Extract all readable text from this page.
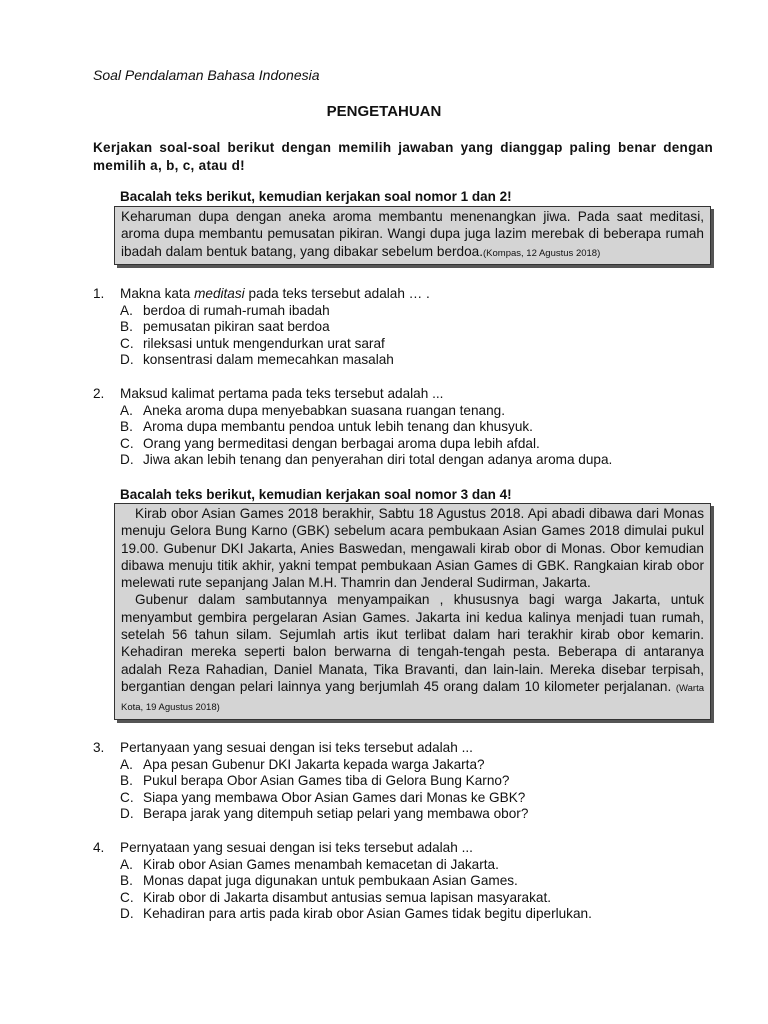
Soal Pendalaman Bahasa Indonesia
PENGETAHUAN
Kerjakan soal-soal berikut dengan memilih jawaban yang dianggap paling benar dengan memilih a, b, c, atau d!
Bacalah teks berikut, kemudian kerjakan soal nomor 1 dan 2!

Keharuman dupa dengan aneka aroma membantu menenangkan jiwa. Pada saat meditasi, aroma dupa membantu pemusatan pikiran. Wangi dupa juga lazim merebak di beberapa rumah ibadah dalam bentuk batang, yang dibakar sebelum berdoa.(Kompas, 12 Agustus 2018)

1.	Makna kata meditasi pada teks tersebut adalah … .
A. berdoa di rumah-rumah ibadah
B. pemusatan pikiran saat berdoa
C. rileksasi untuk mengendurkan urat saraf
D. konsentrasi dalam memecahkan masalah
2.	Maksud kalimat pertama pada teks tersebut adalah ...
A. Aneka aroma dupa menyebabkan suasana ruangan tenang.
B. Aroma dupa membantu pendoa untuk lebih tenang dan khusyuk.
C. Orang yang bermeditasi dengan berbagai aroma dupa lebih afdal.
D. Jiwa akan lebih tenang dan penyerahan diri total dengan adanya aroma dupa.
Bacalah teks berikut, kemudian kerjakan soal nomor 3 dan 4!

Kirab obor Asian Games 2018 berakhir, Sabtu 18 Agustus 2018. Api abadi dibawa dari Monas menuju Gelora Bung Karno (GBK) sebelum acara pembukaan Asian Games 2018 dimulai pukul 19.00. Gubenur DKI Jakarta, Anies Baswedan, mengawali kirab obor di Monas. Obor kemudian dibawa menuju titik akhir, yakni tempat pembukaan Asian Games di GBK. Rangkaian kirab obor melewati rute sepanjang Jalan M.H. Thamrin dan Jenderal Sudirman, Jakarta.

Gubenur dalam sambutannya menyampaikan , khususnya bagi warga Jakarta, untuk menyambut gembira pergelaran Asian Games. Jakarta ini kedua kalinya menjadi tuan rumah, setelah 56 tahun silam. Sejumlah artis ikut terlibat dalam hari terakhir kirab obor kemarin. Kehadiran mereka seperti balon berwarna di tengah-tengah pesta. Beberapa di antaranya adalah Reza Rahadian, Daniel Manata, Tika Bravanti, dan lain-lain. Mereka disebar terpisah, bergantian dengan pelari lainnya yang berjumlah 45 orang dalam 10 kilometer perjalanan. (Warta Kota, 19 Agustus 2018)

3.	Pertanyaan yang sesuai dengan isi teks tersebut adalah ...
A. Apa pesan Gubenur DKI Jakarta kepada warga Jakarta?
B. Pukul berapa Obor Asian Games tiba di Gelora Bung Karno?
C. Siapa yang membawa Obor Asian Games dari Monas ke GBK?
D. Berapa jarak yang ditempuh setiap pelari yang membawa obor?
4.	Pernyataan yang sesuai dengan isi teks tersebut adalah ...
A. Kirab obor Asian Games menambah kemacetan di Jakarta.
B. Monas dapat juga digunakan untuk pembukaan Asian Games.
C. Kirab obor di Jakarta disambut antusias semua lapisan masyarakat.
D. Kehadiran para artis pada kirab obor Asian Games tidak begitu diperlukan.
